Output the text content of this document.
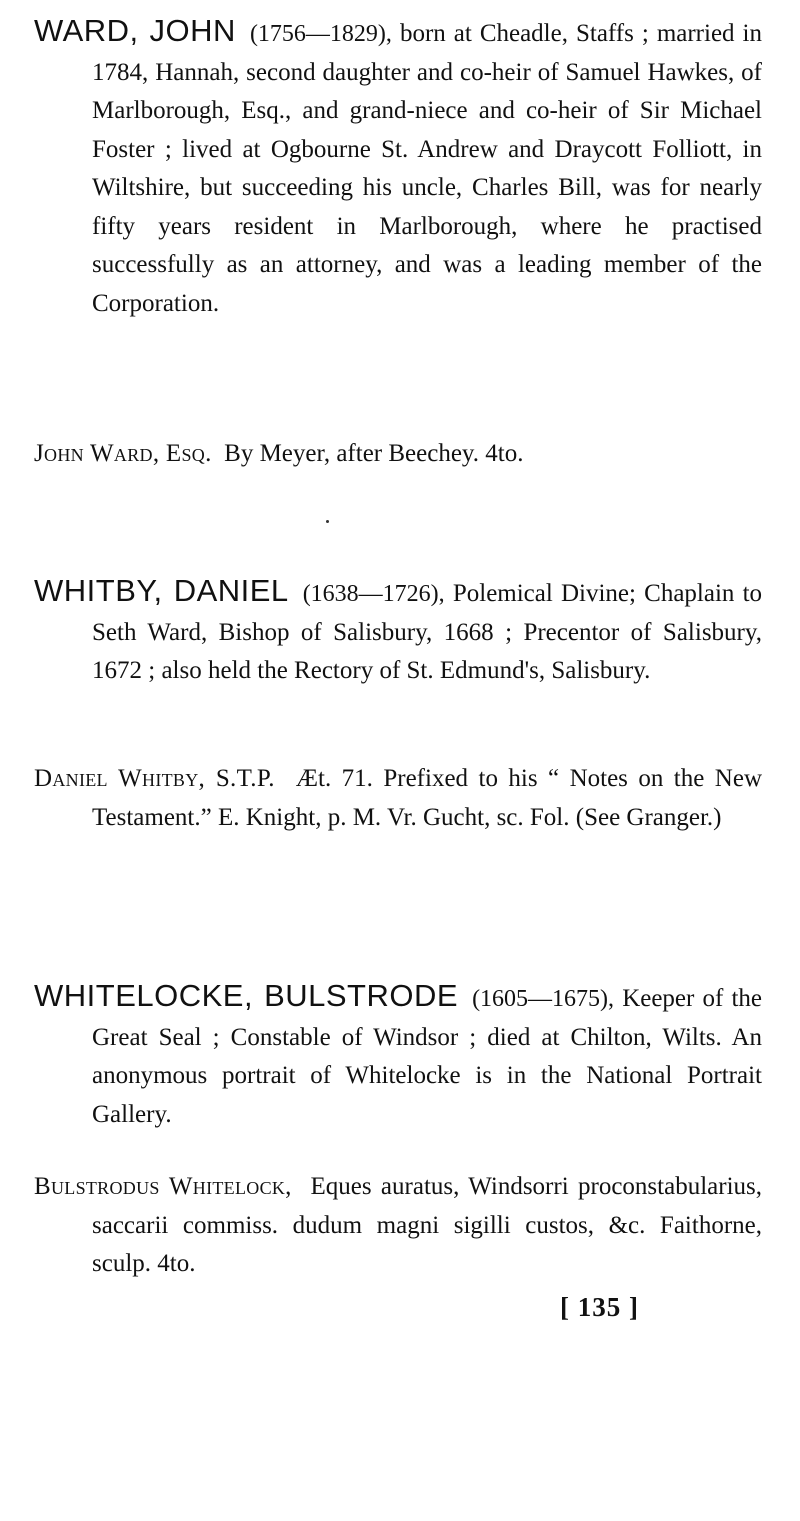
WARD, JOHN (1756—1829), born at Cheadle, Staffs ; married in 1784, Hannah, second daughter and co-heir of Samuel Hawkes, of Marlborough, Esq., and grand-niece and co-heir of Sir Michael Foster ; lived at Ogbourne St. Andrew and Draycott Folliott, in Wiltshire, but succeeding his uncle, Charles Bill, was for nearly fifty years resident in Marlborough, where he practised successfully as an attorney, and was a leading member of the Corporation.

John Ward, Esq. By Meyer, after Beechey. 4to.

WHITBY, DANIEL (1638—1726), Polemical Divine; Chaplain to Seth Ward, Bishop of Salisbury, 1668 ; Precentor of Salisbury, 1672 ; also held the Rectory of St. Edmund's, Salisbury.

Daniel Whitby, S.T.P. Æt. 71. Prefixed to his “ Notes on the New Testament.” E. Knight, p. M. Vr. Gucht, sc. Fol. (See Granger.)

WHITELOCKE, BULSTRODE (1605—1675), Keeper of the Great Seal ; Constable of Windsor ; died at Chilton, Wilts. An anonymous portrait of Whitelocke is in the National Portrait Gallery.

Bulstrodus Whitelock, Eques auratus, Windsorri proconstabularius, saccarii commiss. dudum magni sigilli custos, &c. Faithorne, sculp. 4to.

[ 135 ]
